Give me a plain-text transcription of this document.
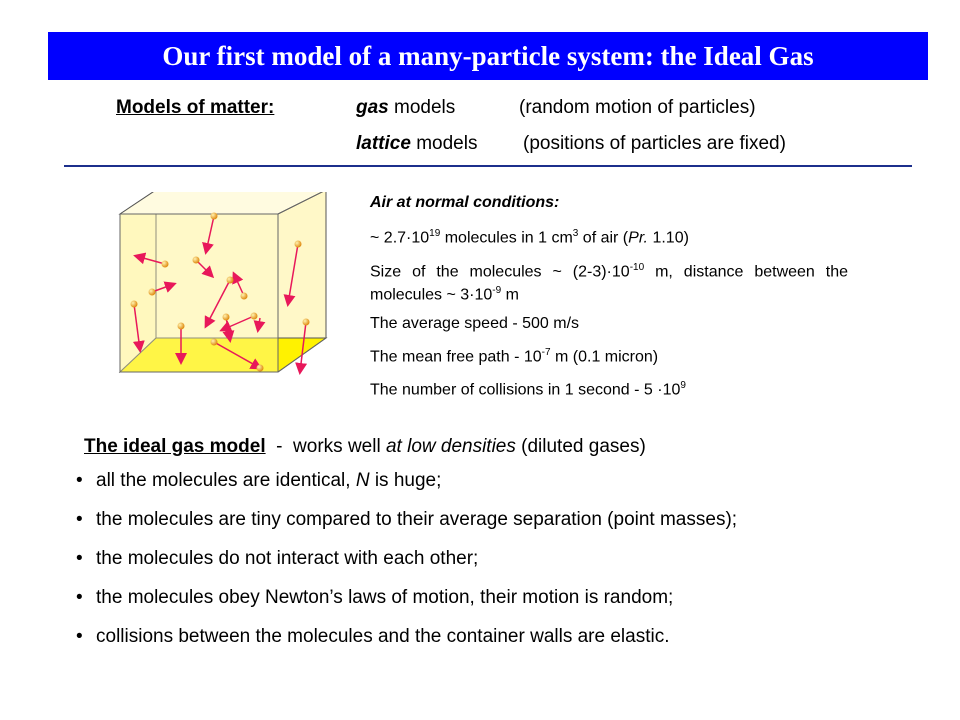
Our first model of a many-particle system: the Ideal Gas
Models of matter:	gas models	(random motion of particles)
lattice models (positions of particles are fixed)
Air at normal conditions:
~ $2.7\cdot 10^{19}$ molecules in 1 $cm^3$ of air (Pr. 1.10)
Size of the molecules ~ $(2-3)\cdot 10^{-10}$ m, distance between the molecules ~ $3\cdot 10^{-9}$ m
The average speed - 500 m/s
The mean free path - $10^{-7}$ m (0.1 micron)
The number of collisions in 1 second - $5 \cdot 10^9$
The ideal gas model  -  works well at low densities (diluted gases)
• all the molecules are identical, N is huge;
• the molecules are tiny compared to their average separation (point masses);
• the molecules do not interact with each other;
• the molecules obey Newton’s laws of motion, their motion is random;
• collisions between the molecules and the container walls are elastic.
